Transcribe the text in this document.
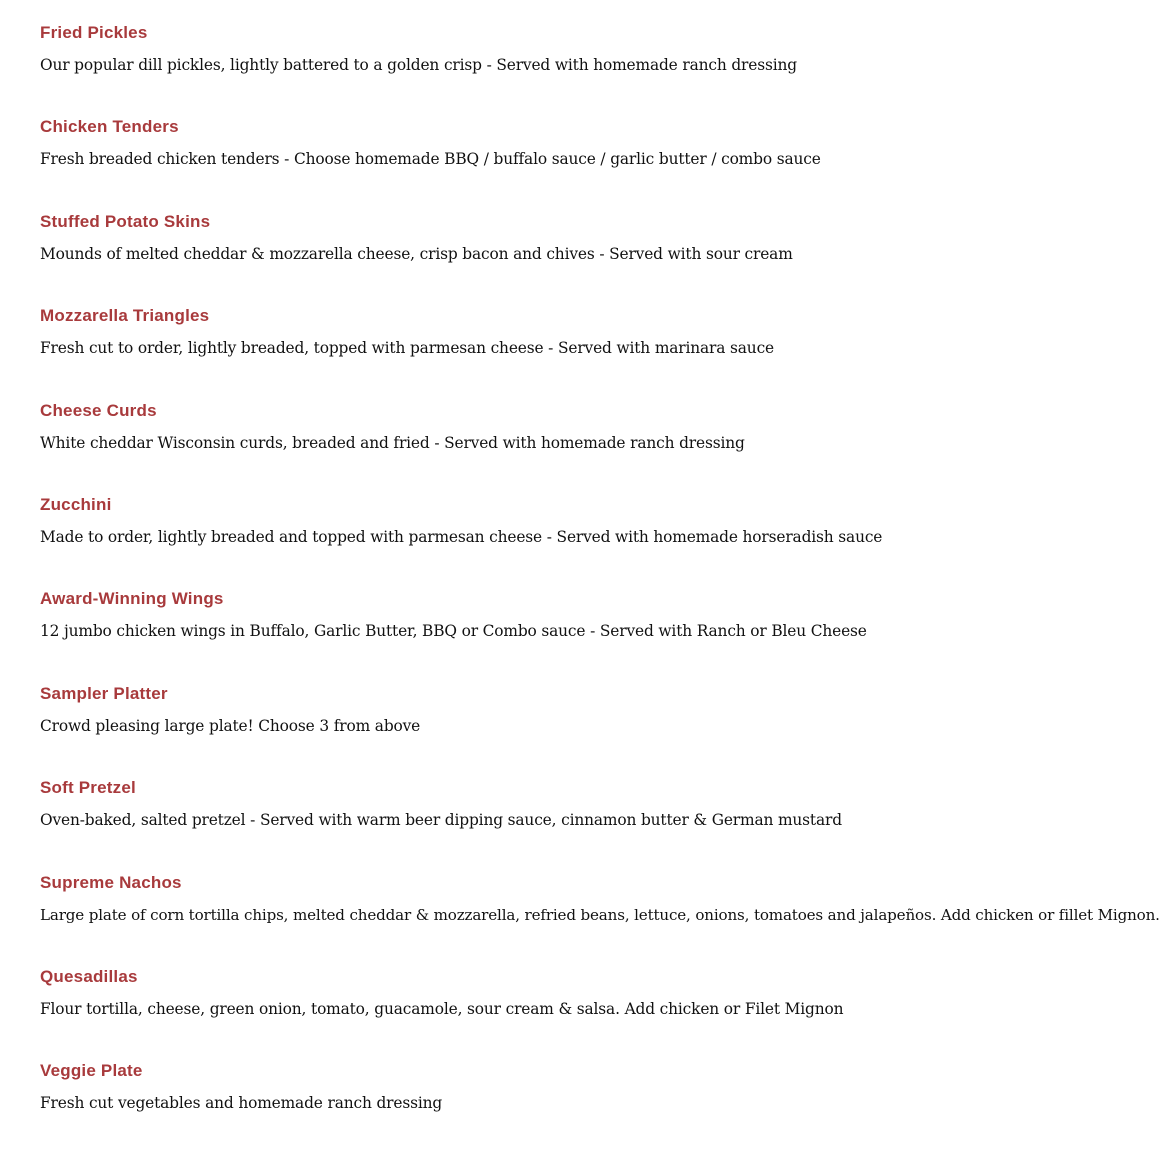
Fried Pickles

Our popular dill pickles, lightly battered to a golden crisp - Served with homemade ranch dressing

Chicken Tenders

Fresh breaded chicken tenders - Choose homemade BBQ / buffalo sauce / garlic butter / combo sauce

Stuffed Potato Skins

Mounds of melted cheddar & mozzarella cheese, crisp bacon and chives - Served with sour cream

Mozzarella Triangles

Fresh cut to order, lightly breaded, topped with parmesan cheese - Served with marinara sauce

Cheese Curds

White cheddar Wisconsin curds, breaded and fried - Served with homemade ranch dressing

Zucchini

Made to order, lightly breaded and topped with parmesan cheese - Served with homemade horseradish sauce

Award-Winning Wings

12 jumbo chicken wings in Buffalo, Garlic Butter, BBQ or Combo sauce - Served with Ranch or Bleu Cheese

Sampler Platter

Crowd pleasing large plate! Choose 3 from above

Soft Pretzel

Oven-baked, salted pretzel - Served with warm beer dipping sauce, cinnamon butter & German mustard

Supreme Nachos

Large plate of corn tortilla chips, melted cheddar & mozzarella, refried beans, lettuce, onions, tomatoes and jalapeños. Add chicken or fillet Mignon.

Quesadillas

Flour tortilla, cheese, green onion, tomato, guacamole, sour cream & salsa. Add chicken or Filet Mignon

Veggie Plate

Fresh cut vegetables and homemade ranch dressing
